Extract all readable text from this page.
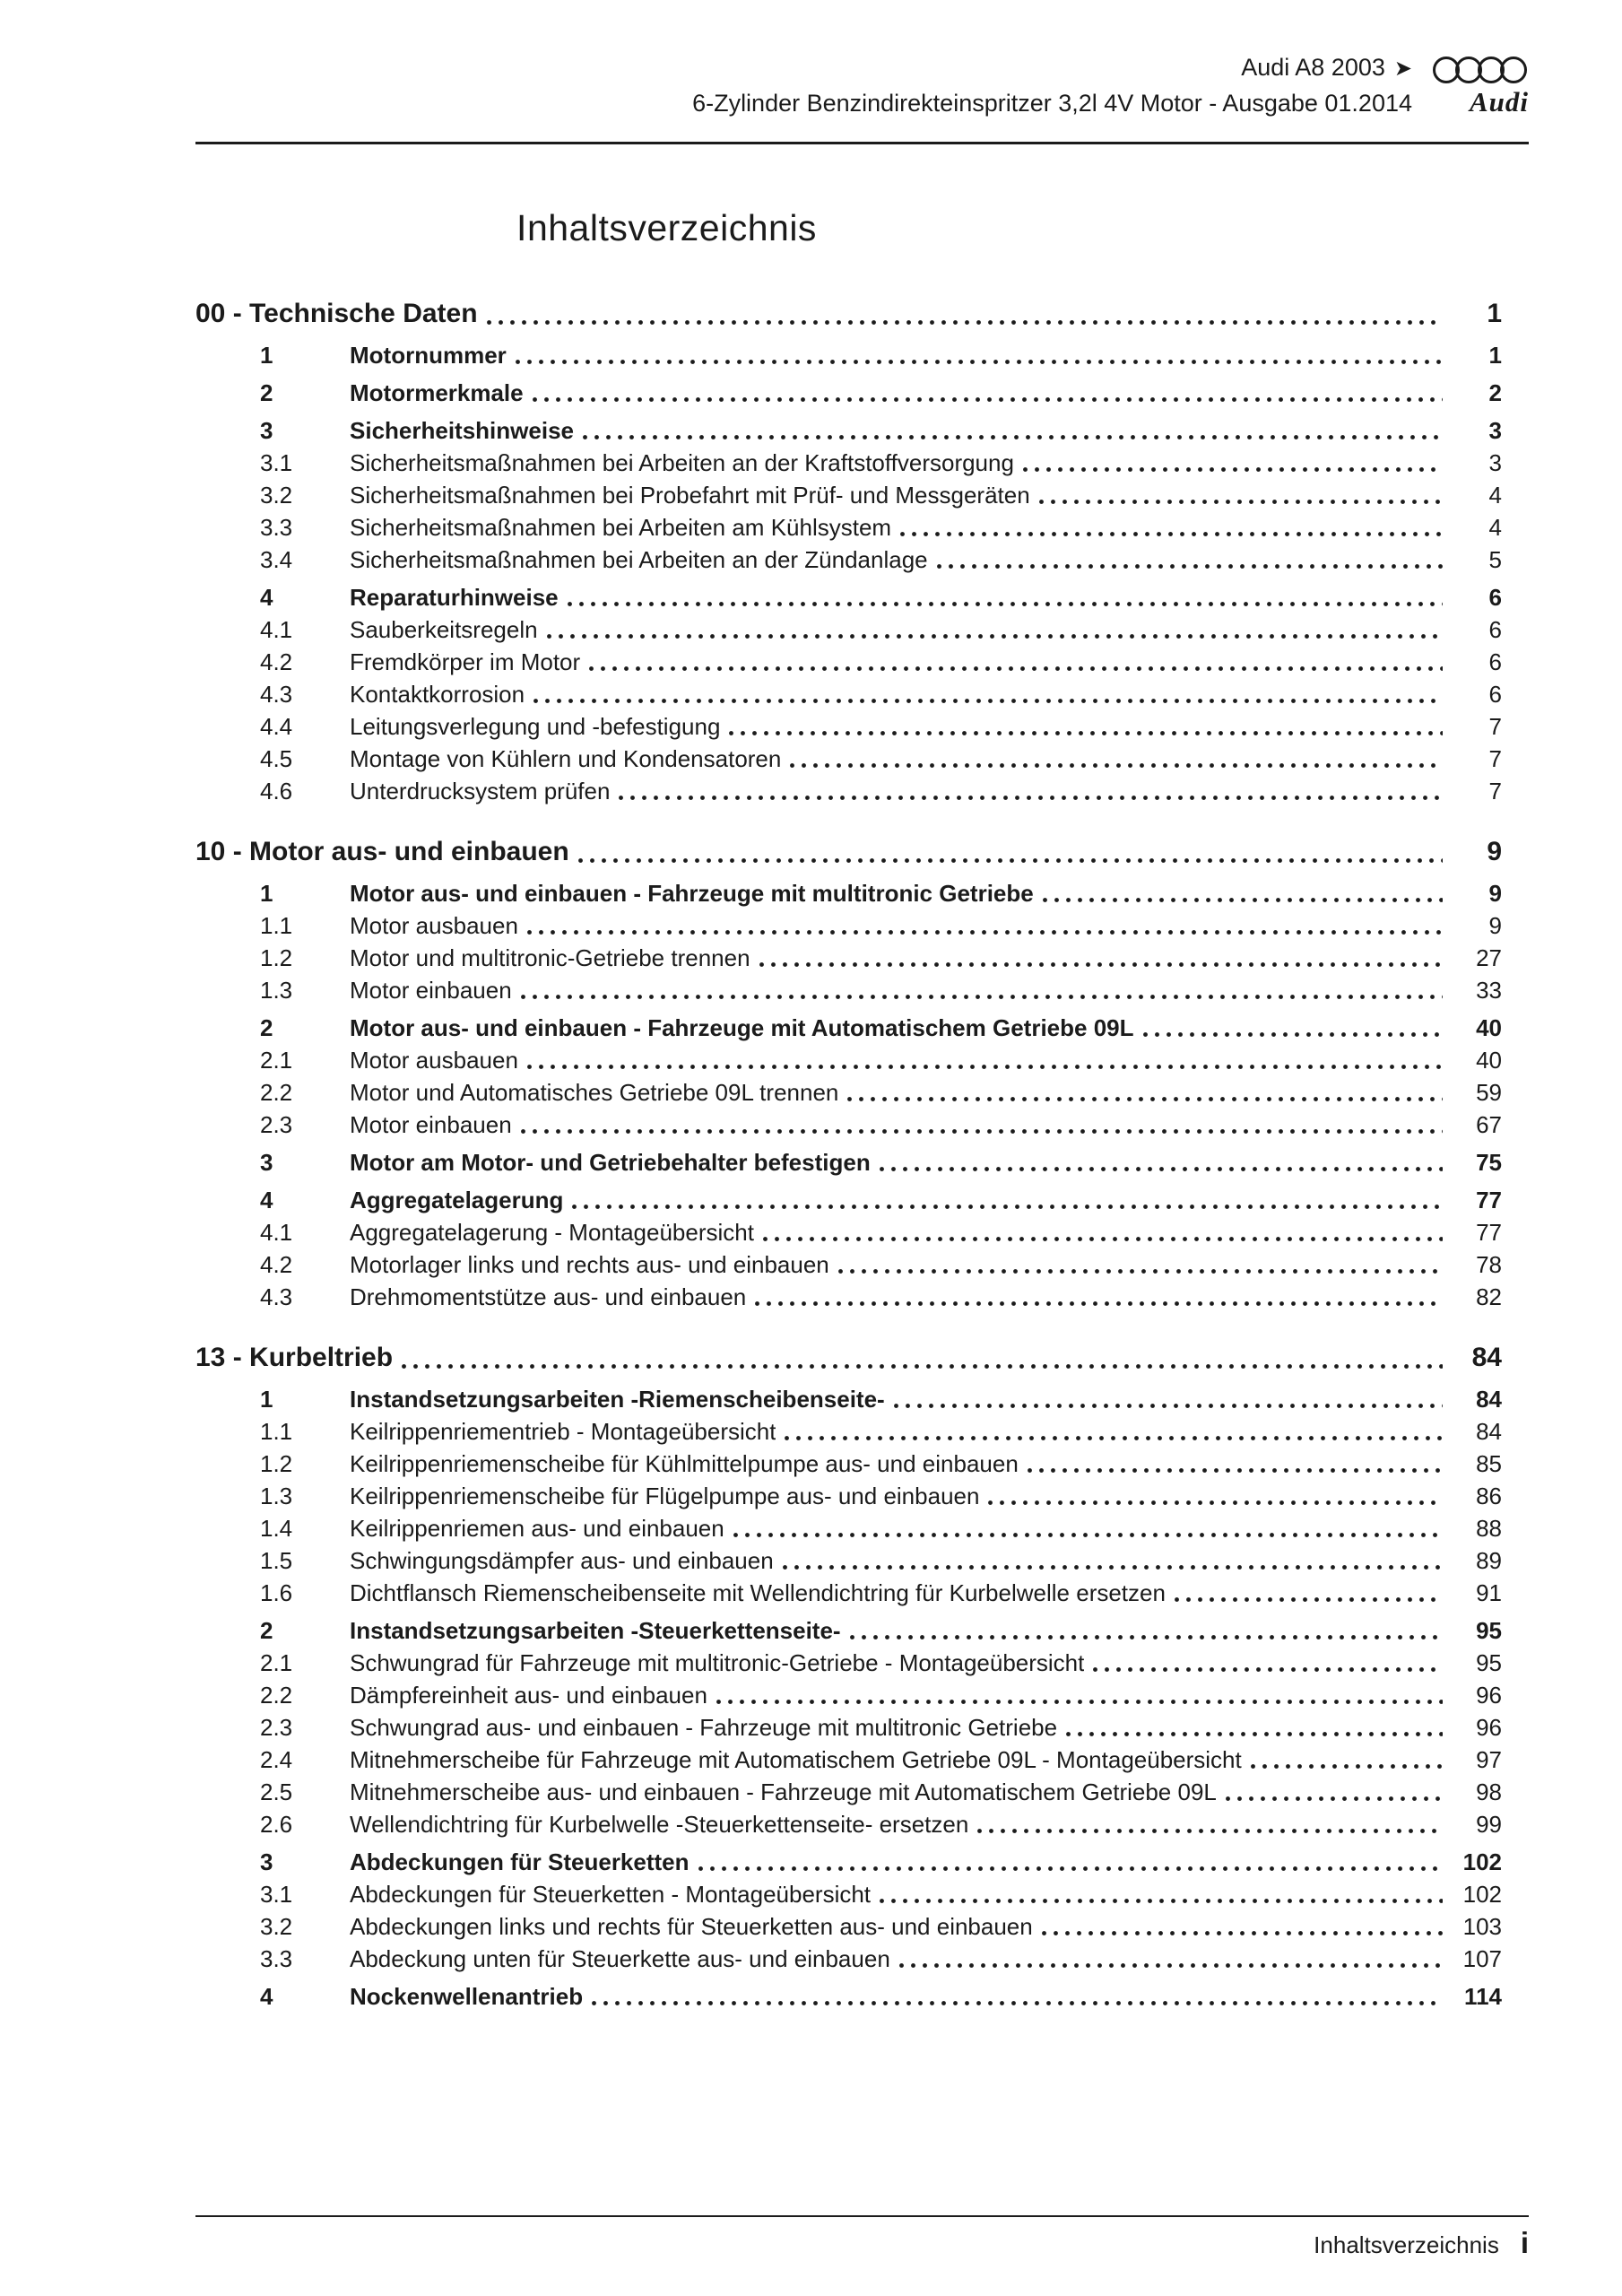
Audi A8 2003 ➤
6-Zylinder Benzindirekteinspritzer 3,2l 4V Motor - Ausgabe 01.2014 Audi
Inhaltsverzeichnis
00 - Technische Daten	1
1	Motornummer	1
2	Motormerkmale	2
3	Sicherheitshinweise	3
3.1	Sicherheitsmaßnahmen bei Arbeiten an der Kraftstoffversorgung	3
3.2	Sicherheitsmaßnahmen bei Probefahrt mit Prüf- und Messgeräten	4
3.3	Sicherheitsmaßnahmen bei Arbeiten am Kühlsystem	4
3.4	Sicherheitsmaßnahmen bei Arbeiten an der Zündanlage	5
4	Reparaturhinweise	6
4.1	Sauberkeitsregeln	6
4.2	Fremdkörper im Motor	6
4.3	Kontaktkorrosion	6
4.4	Leitungsverlegung und -befestigung	7
4.5	Montage von Kühlern und Kondensatoren	7
4.6	Unterdrucksystem prüfen	7
10 - Motor aus- und einbauen	9
1	Motor aus- und einbauen - Fahrzeuge mit multitronic Getriebe	9
1.1	Motor ausbauen	9
1.2	Motor und multitronic-Getriebe trennen	27
1.3	Motor einbauen	33
2	Motor aus- und einbauen - Fahrzeuge mit Automatischem Getriebe 09L	40
2.1	Motor ausbauen	40
2.2	Motor und Automatisches Getriebe 09L trennen	59
2.3	Motor einbauen	67
3	Motor am Motor- und Getriebehalter befestigen	75
4	Aggregatelagerung	77
4.1	Aggregatelagerung - Montageübersicht	77
4.2	Motorlager links und rechts aus- und einbauen	78
4.3	Drehmomentstütze aus- und einbauen	82
13 - Kurbeltrieb	84
1	Instandsetzungsarbeiten -Riemenscheibenseite-	84
1.1	Keilrippenriementrieb - Montageübersicht	84
1.2	Keilrippenriemenscheibe für Kühlmittelpumpe aus- und einbauen	85
1.3	Keilrippenriemenscheibe für Flügelpumpe aus- und einbauen	86
1.4	Keilrippenriemen aus- und einbauen	88
1.5	Schwingungsdämpfer aus- und einbauen	89
1.6	Dichtflansch Riemenscheibenseite mit Wellendichtring für Kurbelwelle ersetzen	91
2	Instandsetzungsarbeiten -Steuerkettenseite-	95
2.1	Schwungrad für Fahrzeuge mit multitronic-Getriebe - Montageübersicht	95
2.2	Dämpfereinheit aus- und einbauen	96
2.3	Schwungrad aus- und einbauen - Fahrzeuge mit multitronic Getriebe	96
2.4	Mitnehmerscheibe für Fahrzeuge mit Automatischem Getriebe 09L - Montageübersicht	97
2.5	Mitnehmerscheibe aus- und einbauen - Fahrzeuge mit Automatischem Getriebe 09L	98
2.6	Wellendichtring für Kurbelwelle -Steuerkettenseite- ersetzen	99
3	Abdeckungen für Steuerketten	102
3.1	Abdeckungen für Steuerketten - Montageübersicht	102
3.2	Abdeckungen links und rechts für Steuerketten aus- und einbauen	103
3.3	Abdeckung unten für Steuerkette aus- und einbauen	107
4	Nockenwellenantrieb	114
Inhaltsverzeichnis i
